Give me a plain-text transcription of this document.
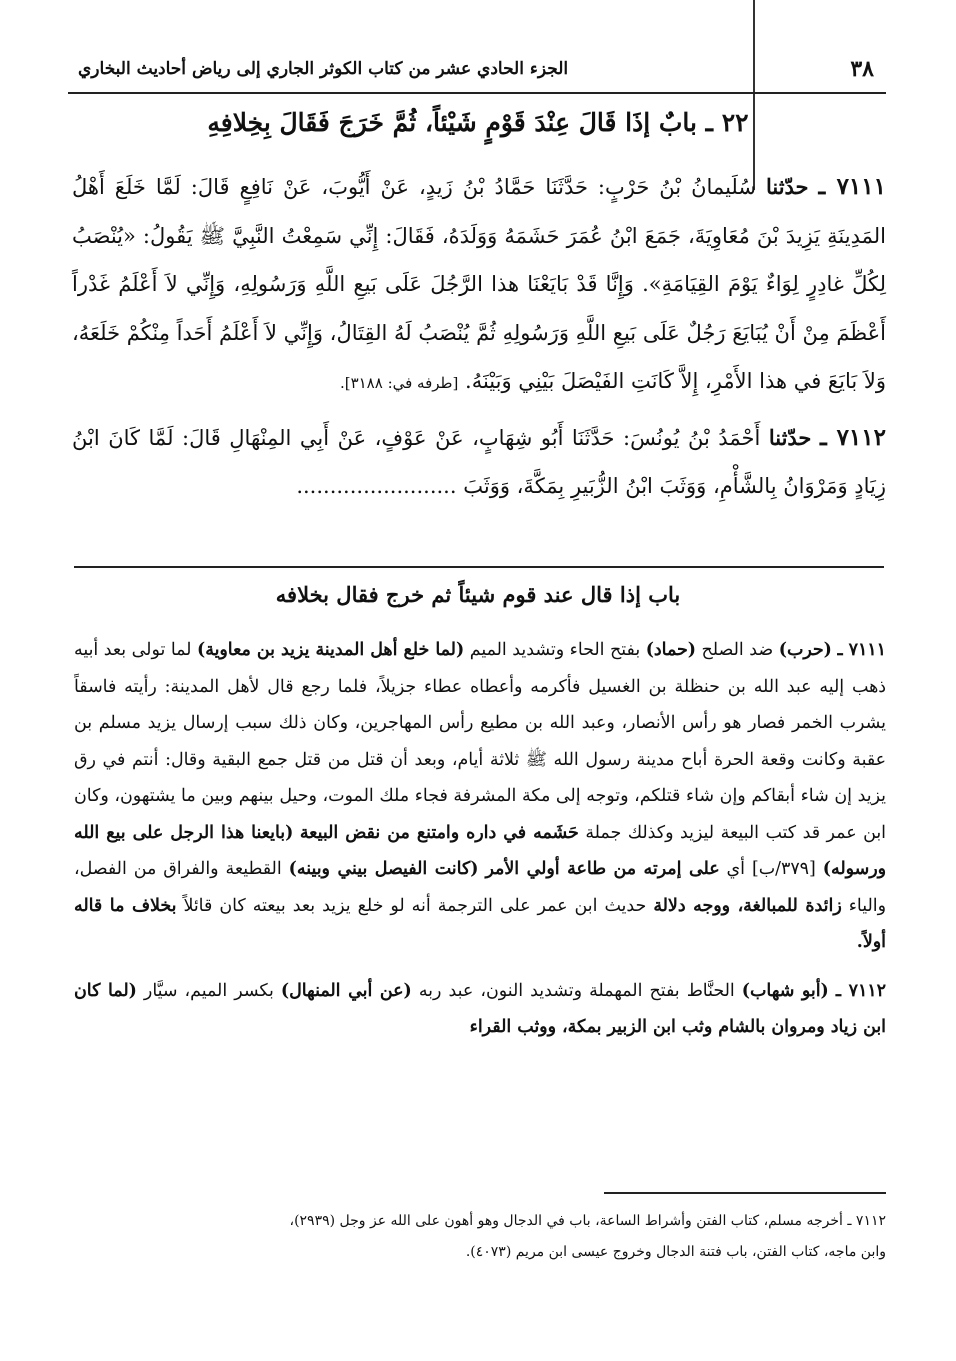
٣٨
الجزء الحادي عشر من كتاب الكوثر الجاري إلى رياض أحاديث البخاري
٢٢ ـ بابٌ إذَا قَالَ عِنْدَ قَوْمٍ شَيْئاً، ثُمَّ خَرَجَ فَقَالَ بِخِلافِهِ

٧١١١ ـ حدّثنا سُلَيمانُ بْنُ حَرْبٍ: حَدَّثَنَا حَمَّادُ بْنُ زَيدٍ، عَنْ أَيُّوبَ، عَنْ نَافِعٍ قَالَ: لَمَّا خَلَعَ أَهْلُ المَدِينَةِ يَزِيدَ بْنَ مُعَاوِيَةَ، جَمَعَ ابْنُ عُمَرَ حَشَمَهُ وَوَلَدَهُ، فَقَالَ: إِنِّي سَمِعْتُ النَّبِيَّ ﷺ يَقُولُ: «يُنْصَبُ لِكُلِّ غادِرٍ لِوَاءٌ يَوْمَ القِيَامَةِ». وَإِنَّا قَدْ بَايَعْنَا هذا الرَّجُلَ عَلَى بَيعِ اللَّهِ وَرَسُولِهِ، وَإِنِّي لاَ أَعْلَمُ غَدْراً أَعْظَمَ مِنْ أَنْ يُبَايَعَ رَجُلٌ عَلَى بَيعِ اللَّهِ وَرَسُولِهِ ثُمَّ يُنْصَبُ لَهُ القِتَالُ، وَإِنِّي لاَ أَعْلَمُ أَحَداً مِنْكُمْ خَلَعَهُ، وَلاَ بَايَعَ في هذا الأَمْرِ، إِلاَّ كَانَتِ الفَيْصَلَ بَيْنِي وَبَيْنَهُ. [طرفه في: ٣١٨٨].

٧١١٢ ـ حدّثنا أَحْمَدُ بْنُ يُونُسَ: حَدَّثَنَا أَبُو شِهَابٍ، عَنْ عَوْفٍ، عَنْ أَبِي المِنْهَالِ قَالَ: لَمَّا كَانَ ابْنُ زِيَادٍ وَمَرْوَانُ بِالشَّأْمِ، وَوَثَبَ ابْنُ الزُّبَيرِ بِمَكَّةَ، وَوَثَبَ ........................

باب إذا قال عند قوم شيئاً ثم خرج فقال بخلافه

٧١١١ ـ (حرب) ضد الصلح (حماد) بفتح الحاء وتشديد الميم (لما خلع أهل المدينة يزيد بن معاوية) لما تولى بعد أبيه ذهب إليه عبد الله بن حنظلة بن الغسيل فأكرمه وأعطاه عطاء جزيلاً، فلما رجع قال لأهل المدينة: رأيته فاسقاً يشرب الخمر فصار هو رأس الأنصار، وعبد الله بن مطيع رأس المهاجرين، وكان ذلك سبب إرسال يزيد مسلم بن عقبة وكانت وقعة الحرة أباح مدينة رسول الله ﷺ ثلاثة أيام، وبعد أن قتل من قتل جمع البقية وقال: أنتم في رق يزيد إن شاء أبقاكم وإن شاء قتلكم، وتوجه إلى مكة المشرفة فجاء ملك الموت، وحيل بينهم وبين ما يشتهون، وكان ابن عمر قد كتب البيعة ليزيد وكذلك جملة حَشَمه في داره وامتنع من نقض البيعة (بايعنا هذا الرجل على بيع الله ورسوله) [٣٧٩/ب] أي على إمرته من طاعة أولي الأمر (كانت الفيصل بيني وبينه) القطيعة والفراق من الفصل، والياء زائدة للمبالغة، ووجه دلالة حديث ابن عمر على الترجمة أنه لو خلع يزيد بعد بيعته كان قائلاً بخلاف ما قاله أولاً.

٧١١٢ ـ (أبو شهاب) الحنَّاط بفتح المهملة وتشديد النون، عبد ربه (عن أبي المنهال) بكسر الميم، سيَّار (لما كان ابن زياد ومروان بالشام وثب ابن الزبير بمكة، ووثب القراء

٧١١٢ ـ أخرجه مسلم، كتاب الفتن وأشراط الساعة، باب في الدجال وهو أهون على الله عز وجل (٢٩٣٩)،

وابن ماجه، كتاب الفتن، باب فتنة الدجال وخروج عيسى ابن مريم (٤٠٧٣).
